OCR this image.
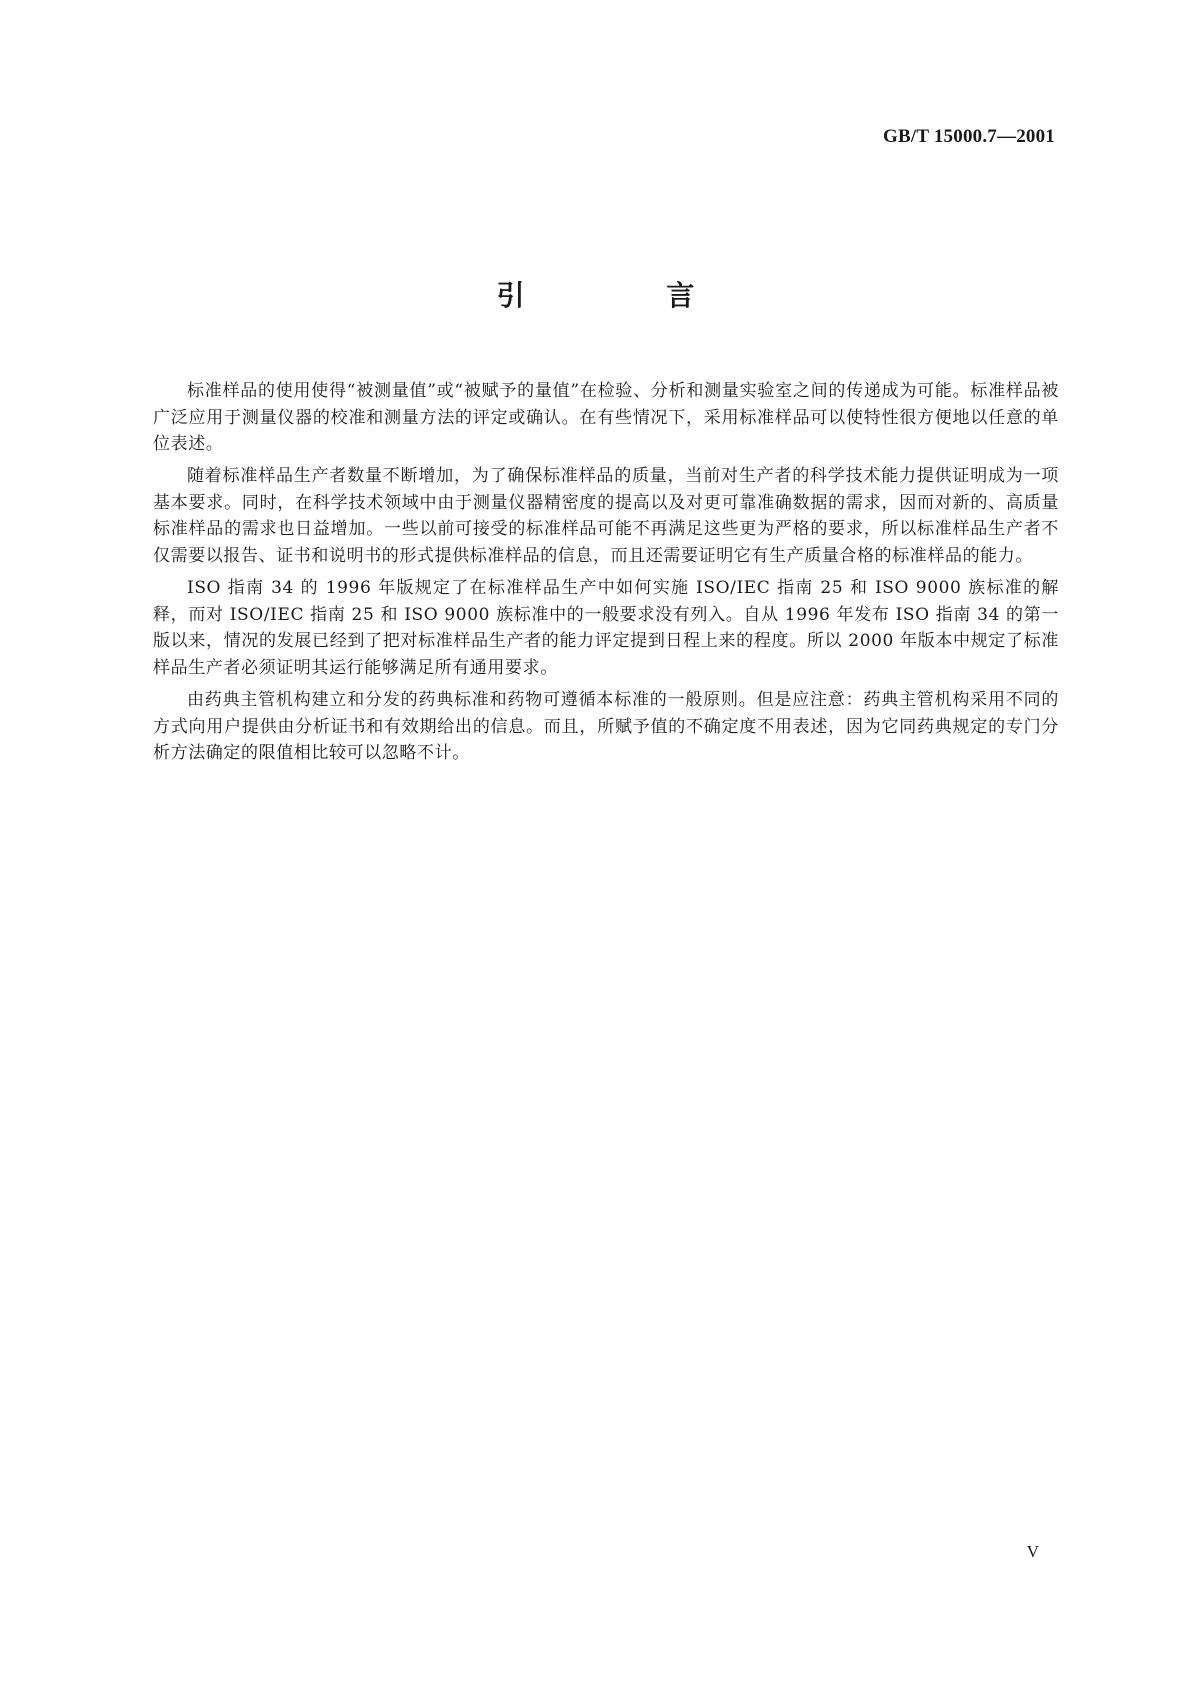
GB/T 15000.7—2001
引 言

标准样品的使用使得“被测量值”或“被赋予的量值”在检验、分析和测量实验室之间的传递成为可能。标准样品被广泛应用于测量仪器的校准和测量方法的评定或确认。在有些情况下，采用标准样品可以使特性很方便地以任意的单位表述。

随着标准样品生产者数量不断增加，为了确保标准样品的质量，当前对生产者的科学技术能力提供证明成为一项基本要求。同时，在科学技术领域中由于测量仪器精密度的提高以及对更可靠准确数据的需求，因而对新的、高质量标准样品的需求也日益增加。一些以前可接受的标准样品可能不再满足这些更为严格的要求，所以标准样品生产者不仅需要以报告、证书和说明书的形式提供标准样品的信息，而且还需要证明它有生产质量合格的标准样品的能力。

ISO 指南 34 的 1996 年版规定了在标准样品生产中如何实施 ISO/IEC 指南 25 和 ISO 9000 族标准的解释，而对 ISO/IEC 指南 25 和 ISO 9000 族标准中的一般要求没有列入。自从 1996 年发布 ISO 指南 34 的第一版以来，情况的发展已经到了把对标准样品生产者的能力评定提到日程上来的程度。所以 2000 年版本中规定了标准样品生产者必须证明其运行能够满足所有通用要求。

由药典主管机构建立和分发的药典标准和药物可遵循本标准的一般原则。但是应注意：药典主管机构采用不同的方式向用户提供由分析证书和有效期给出的信息。而且，所赋予值的不确定度不用表述，因为它同药典规定的专门分析方法确定的限值相比较可以忽略不计。

V
